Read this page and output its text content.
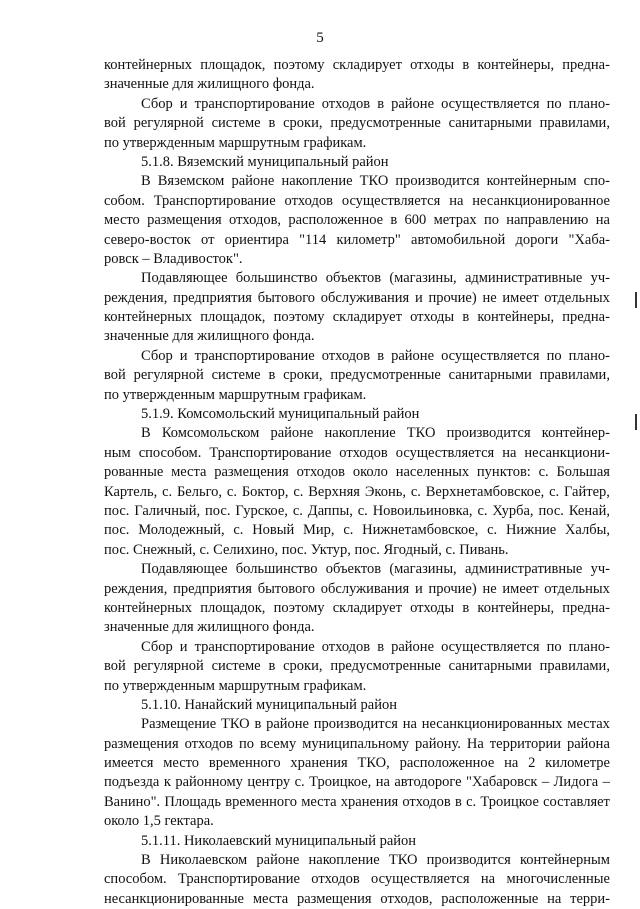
5
контейнерных площадок, поэтому складирует отходы в контейнеры, предна-
значенные для жилищного фонда.
Сбор и транспортирование отходов в районе осуществляется по плано-
вой регулярной системе в сроки, предусмотренные санитарными правилами,
по утвержденным маршрутным графикам.
5.1.8. Вяземский муниципальный район
В Вяземском районе накопление ТКО производится контейнерным спо-
собом. Транспортирование отходов осуществляется на несанкционированное
место размещения отходов, расположенное в 600 метрах по направлению на
северо-восток от ориентира "114 километр" автомобильной дороги "Хаба-
ровск – Владивосток".
Подавляющее большинство объектов (магазины, административные уч-
реждения, предприятия бытового обслуживания и прочие) не имеет отдельных
контейнерных площадок, поэтому складирует отходы в контейнеры, предна-
значенные для жилищного фонда.
Сбор и транспортирование отходов в районе осуществляется по плано-
вой регулярной системе в сроки, предусмотренные санитарными правилами,
по утвержденным маршрутным графикам.
5.1.9. Комсомольский муниципальный район
В Комсомольском районе накопление ТКО производится контейнер-
ным способом. Транспортирование отходов осуществляется на несанкциони-
рованные места размещения отходов около населенных пунктов: с. Большая
Картель, с. Бельго, с. Боктор, с. Верхняя Эконь, с. Верхнетамбовское, с. Гайтер,
пос. Галичный, пос. Гурское, с. Даппы, с. Новоильиновка, с. Хурба, пос. Кенай,
пос. Молодежный, с. Новый Мир, с. Нижнетамбовское, с. Нижние Халбы,
пос. Снежный, с. Селихино, пос. Уктур, пос. Ягодный, с. Пивань.
Подавляющее большинство объектов (магазины, административные уч-
реждения, предприятия бытового обслуживания и прочие) не имеет отдельных
контейнерных площадок, поэтому складирует отходы в контейнеры, предна-
значенные для жилищного фонда.
Сбор и транспортирование отходов в районе осуществляется по плано-
вой регулярной системе в сроки, предусмотренные санитарными правилами,
по утвержденным маршрутным графикам.
5.1.10. Нанайский муниципальный район
Размещение ТКО в районе производится на несанкционированных местах
размещения отходов по всему муниципальному району. На территории района
имеется место временного хранения ТКО, расположенное на 2 километре
подъезда к районному центру с. Троицкое, на автодороге "Хабаровск – Лидога –
Ванино". Площадь временного места хранения отходов в с. Троицкое составляет
около 1,5 гектара.
5.1.11. Николаевский муниципальный район
В Николаевском районе накопление ТКО производится контейнерным
способом. Транспортирование отходов осуществляется на многочисленные
несанкционированные места размещения отходов, расположенные на терри-
